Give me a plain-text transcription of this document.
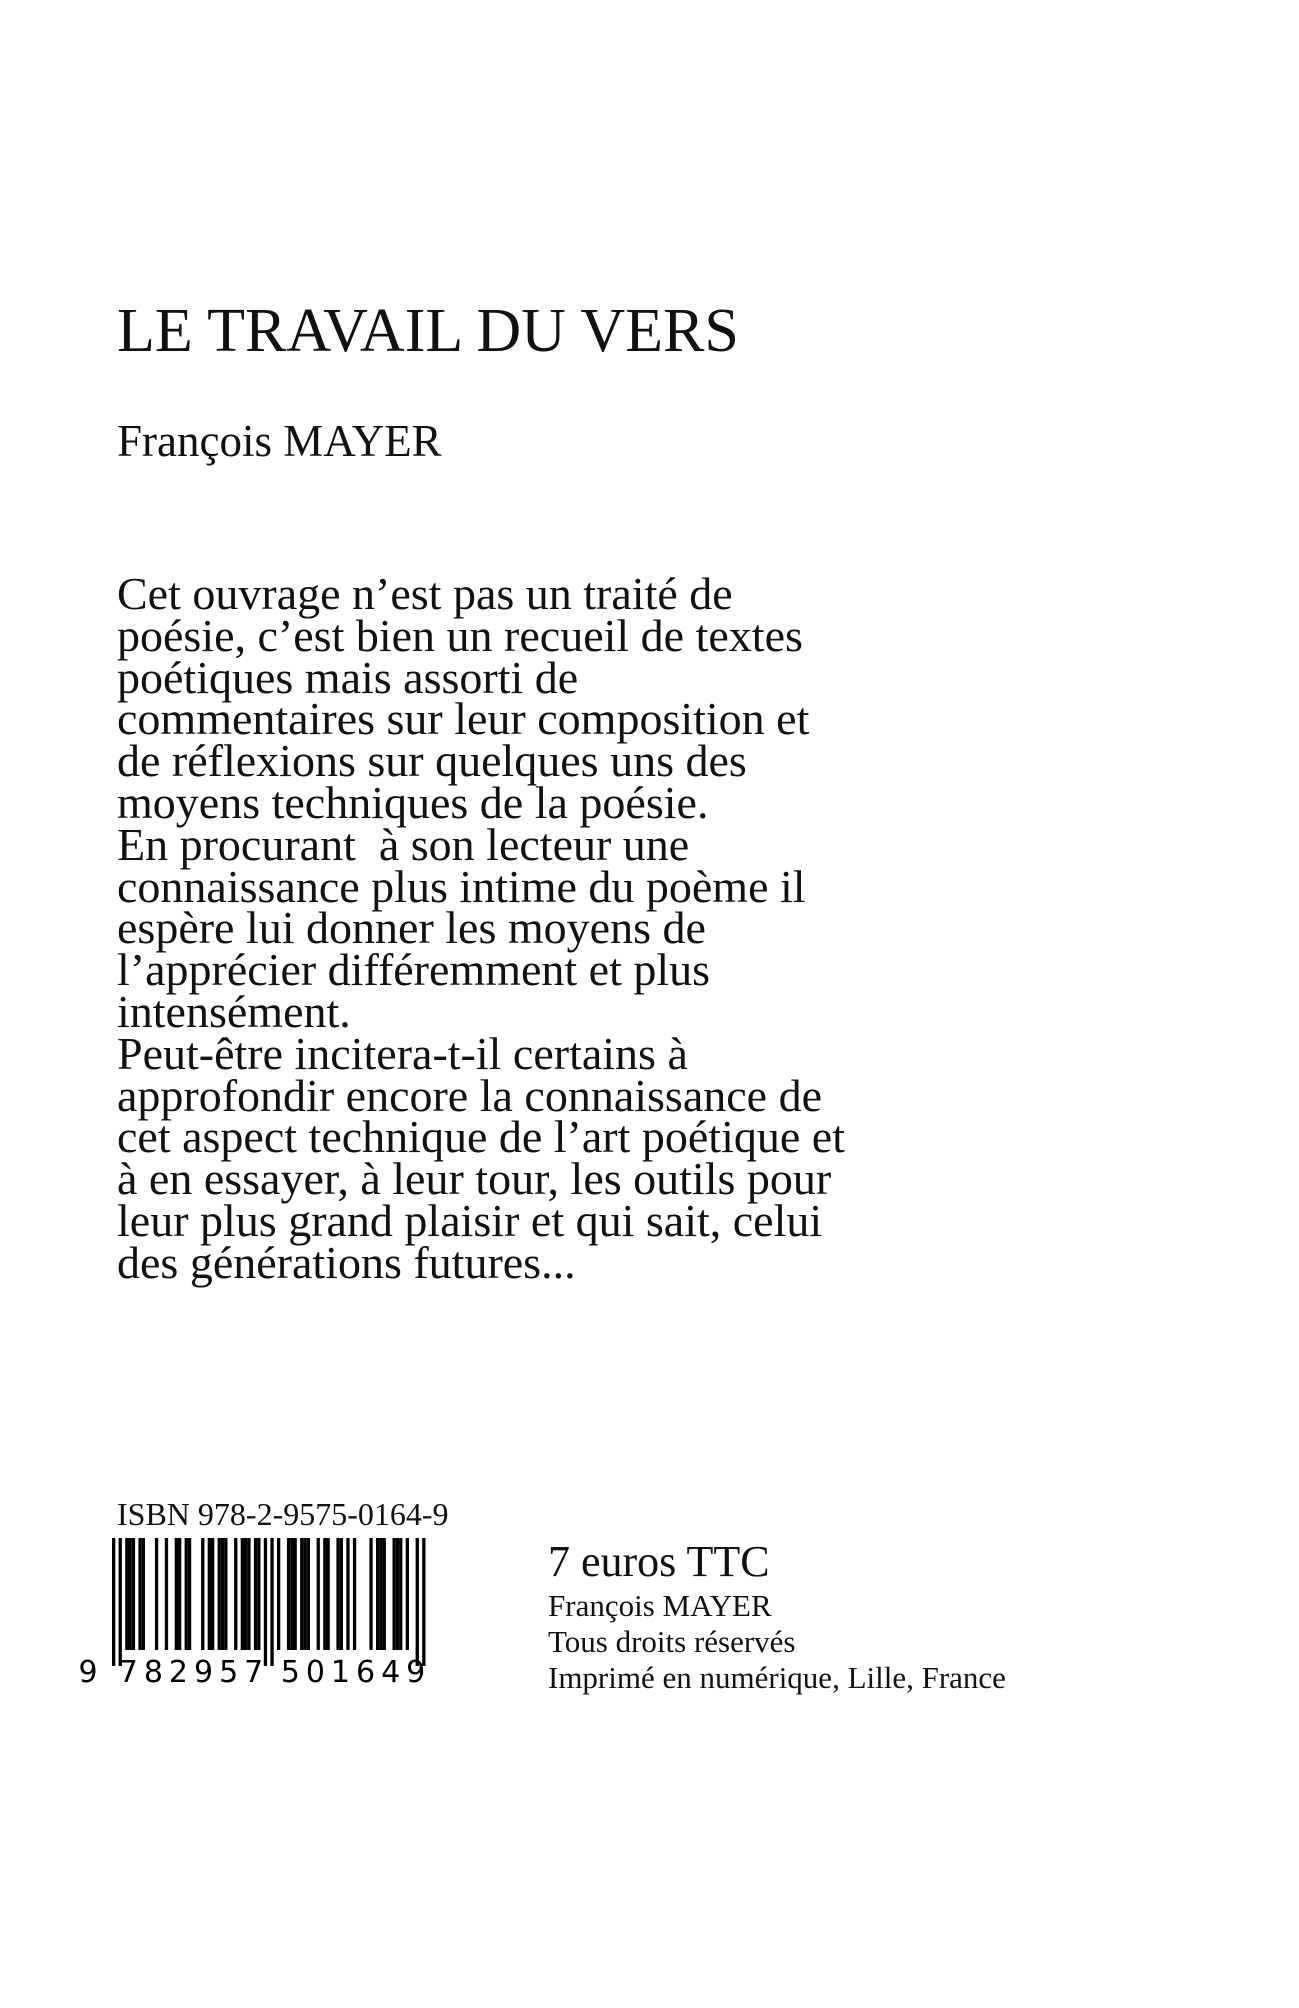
LE TRAVAIL DU VERS
François MAYER
Cet ouvrage n’est pas un traité de
poésie, c’est bien un recueil de textes
poétiques mais assorti de
commentaires sur leur composition et
de réflexions sur quelques uns des
moyens techniques de la poésie.
En procurant  à son lecteur une
connaissance plus intime du poème il
espère lui donner les moyens de
l’apprécier différemment et plus
intensément.
Peut-être incitera-t-il certains à
approfondir encore la connaissance de
cet aspect technique de l’art poétique et
à en essayer, à leur tour, les outils pour
leur plus grand plaisir et qui sait, celui
des générations futures...
ISBN 978-2-9575-0164-9
9 782957 501649
7 euros TTC
François MAYER
Tous droits réservés
Imprimé en numérique, Lille, France
